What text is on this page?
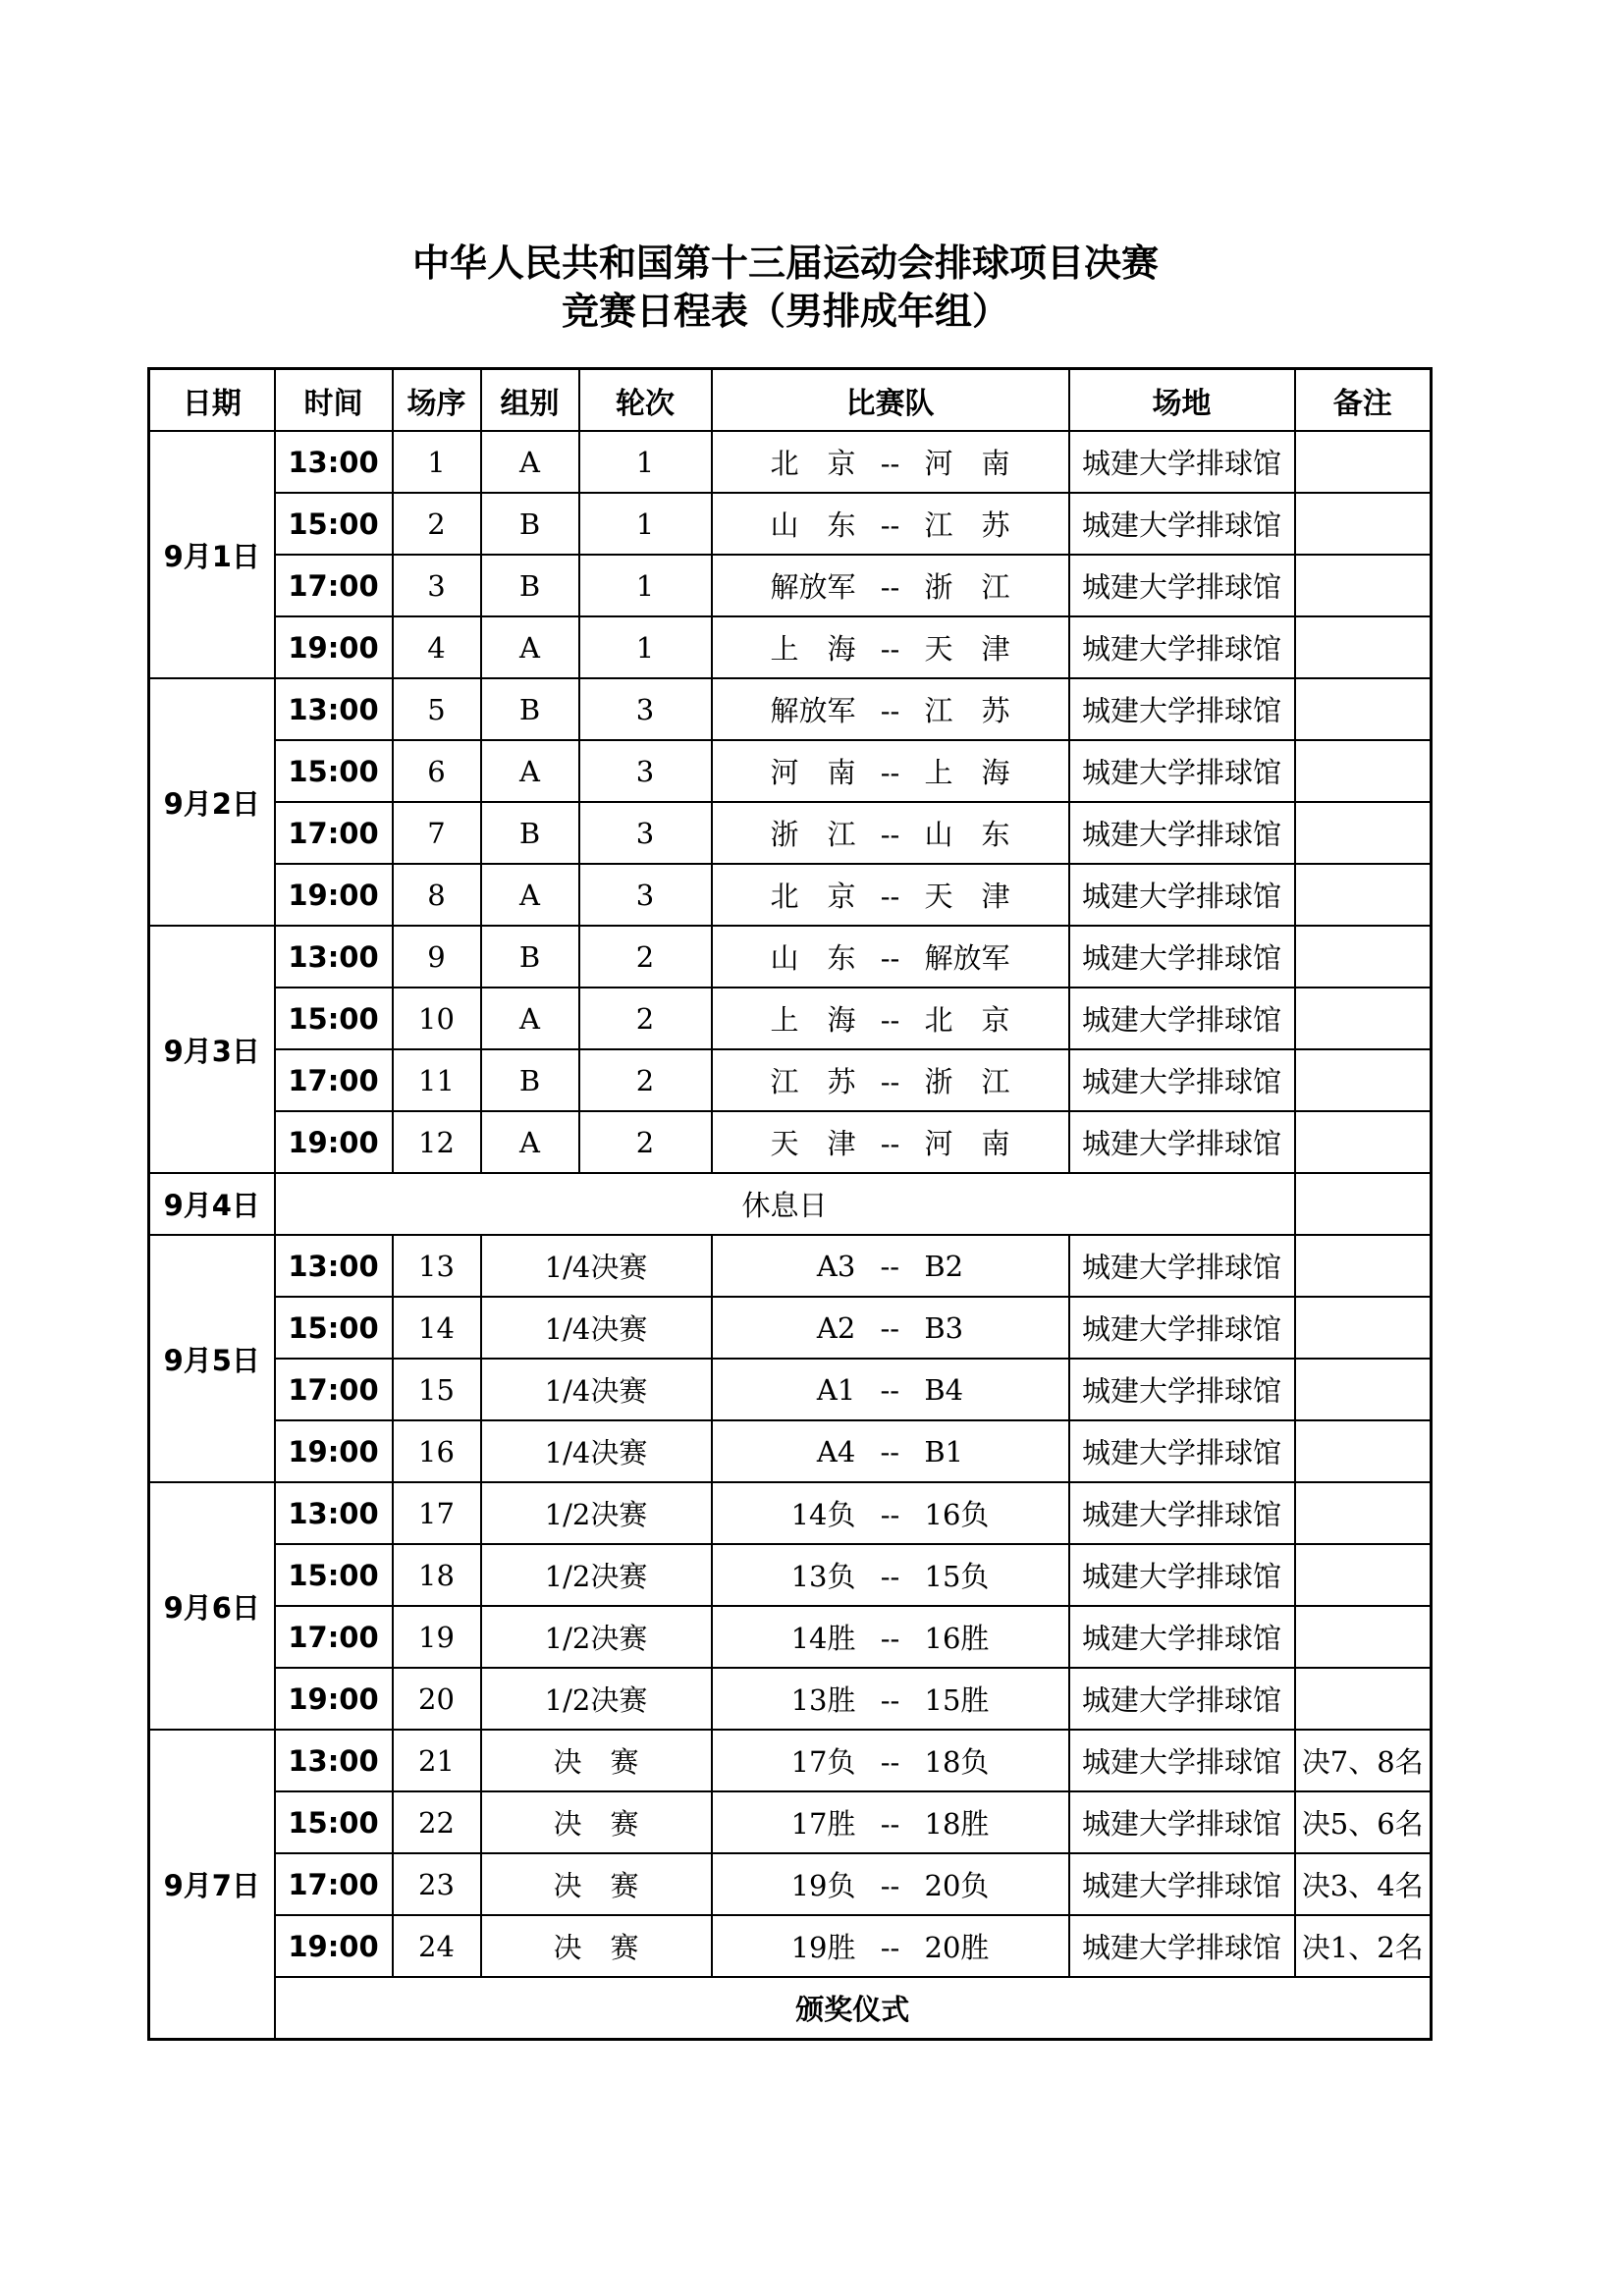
中华人民共和国第十三届运动会排球项目决赛
竞赛日程表（男排成年组）
日期	时间	场序	组别	轮次	比赛队	场地	备注
9月1日	13:00	1	A	1	北　京 -- 河　南	城建大学排球馆	
	15:00	2	B	1	山　东 -- 江　苏	城建大学排球馆	
	17:00	3	B	1	解放军 -- 浙　江	城建大学排球馆	
	19:00	4	A	1	上　海 -- 天　津	城建大学排球馆	
9月2日	13:00	5	B	3	解放军 -- 江　苏	城建大学排球馆	
	15:00	6	A	3	河　南 -- 上　海	城建大学排球馆	
	17:00	7	B	3	浙　江 -- 山　东	城建大学排球馆	
	19:00	8	A	3	北　京 -- 天　津	城建大学排球馆	
9月3日	13:00	9	B	2	山　东 -- 解放军	城建大学排球馆	
	15:00	10	A	2	上　海 -- 北　京	城建大学排球馆	
	17:00	11	B	2	江　苏 -- 浙　江	城建大学排球馆	
	19:00	12	A	2	天　津 -- 河　南	城建大学排球馆	
9月4日	休息日						
9月5日	13:00	13	1/4决赛		A3 -- B2	城建大学排球馆	
	15:00	14	1/4决赛		A2 -- B3	城建大学排球馆	
	17:00	15	1/4决赛		A1 -- B4	城建大学排球馆	
	19:00	16	1/4决赛		A4 -- B1	城建大学排球馆	
9月6日	13:00	17	1/2决赛		14负 -- 16负	城建大学排球馆	
	15:00	18	1/2决赛		13负 -- 15负	城建大学排球馆	
	17:00	19	1/2决赛		14胜 -- 16胜	城建大学排球馆	
	19:00	20	1/2决赛		13胜 -- 15胜	城建大学排球馆	
9月7日	13:00	21	决　赛		17负 -- 18负	城建大学排球馆	决7、8名
	15:00	22	决　赛		17胜 -- 18胜	城建大学排球馆	决5、6名
	17:00	23	决　赛		19负 -- 20负	城建大学排球馆	决3、4名
	19:00	24	决　赛		19胜 -- 20胜	城建大学排球馆	决1、2名
	颁奖仪式						
